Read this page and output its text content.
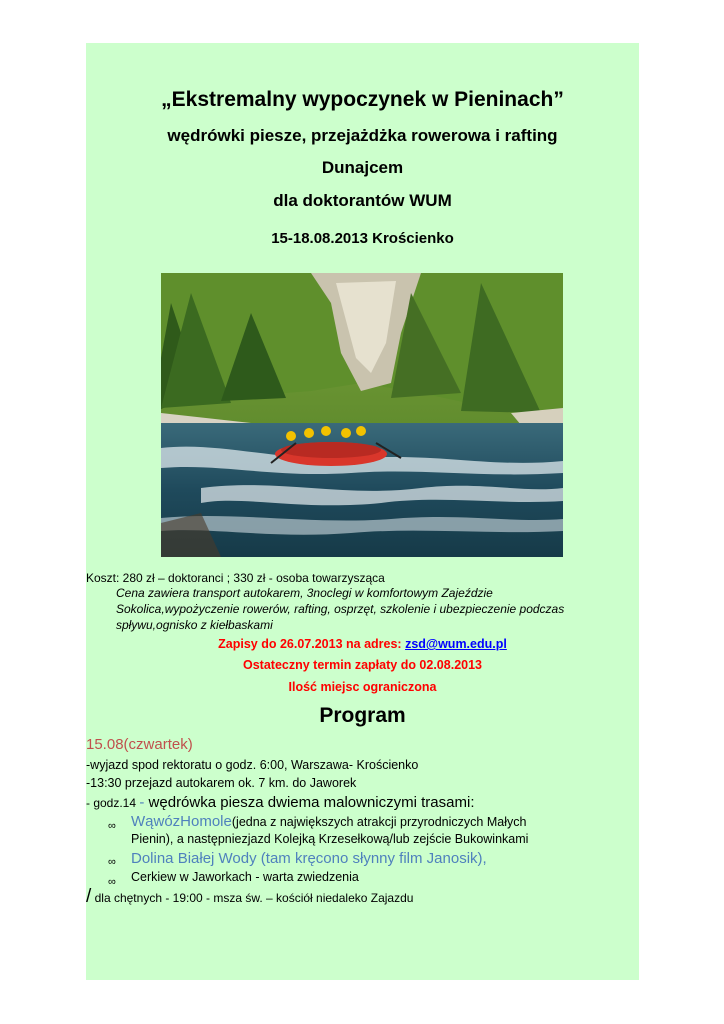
„Ekstremalny wypoczynek w Pieninach”
wędrówki piesze, przejażdżka rowerowa i rafting
Dunajcem
dla doktorantów WUM
15-18.08.2013 Krościenko
Koszt: 280 zł – doktoranci ; 330 zł - osoba towarzysząca
Cena zawiera transport autokarem, 3noclegi w komfortowym Zajeździe
Sokolica,wypożyczenie rowerów, rafting, osprzęt, szkolenie i ubezpieczenie podczas
spływu,ognisko z kiełbaskami
Zapisy do 26.07.2013 na adres: zsd@wum.edu.pl
Ostateczny termin zapłaty do 02.08.2013
Ilość miejsc ograniczona
Program
15.08(czwartek)
-wyjazd spod rektoratu o godz. 6:00, Warszawa- Krościenko
-13:30 przejazd autokarem ok. 7 km. do Jaworek
- godz.14 - wędrówka piesza dwiema malowniczymi trasami:
∞ WąwózHomole(jedna z największych atrakcji przyrodniczych Małych
Pienin), a następniezjazd Kolejką Krzesełkową/lub zejście Bukowinkami
∞ Dolina Białej Wody (tam kręcono słynny film Janosik),
∞ Cerkiew w Jaworkach - warta zwiedzenia
/ dla chętnych - 19:00 - msza św. – kościół niedaleko Zajazdu
